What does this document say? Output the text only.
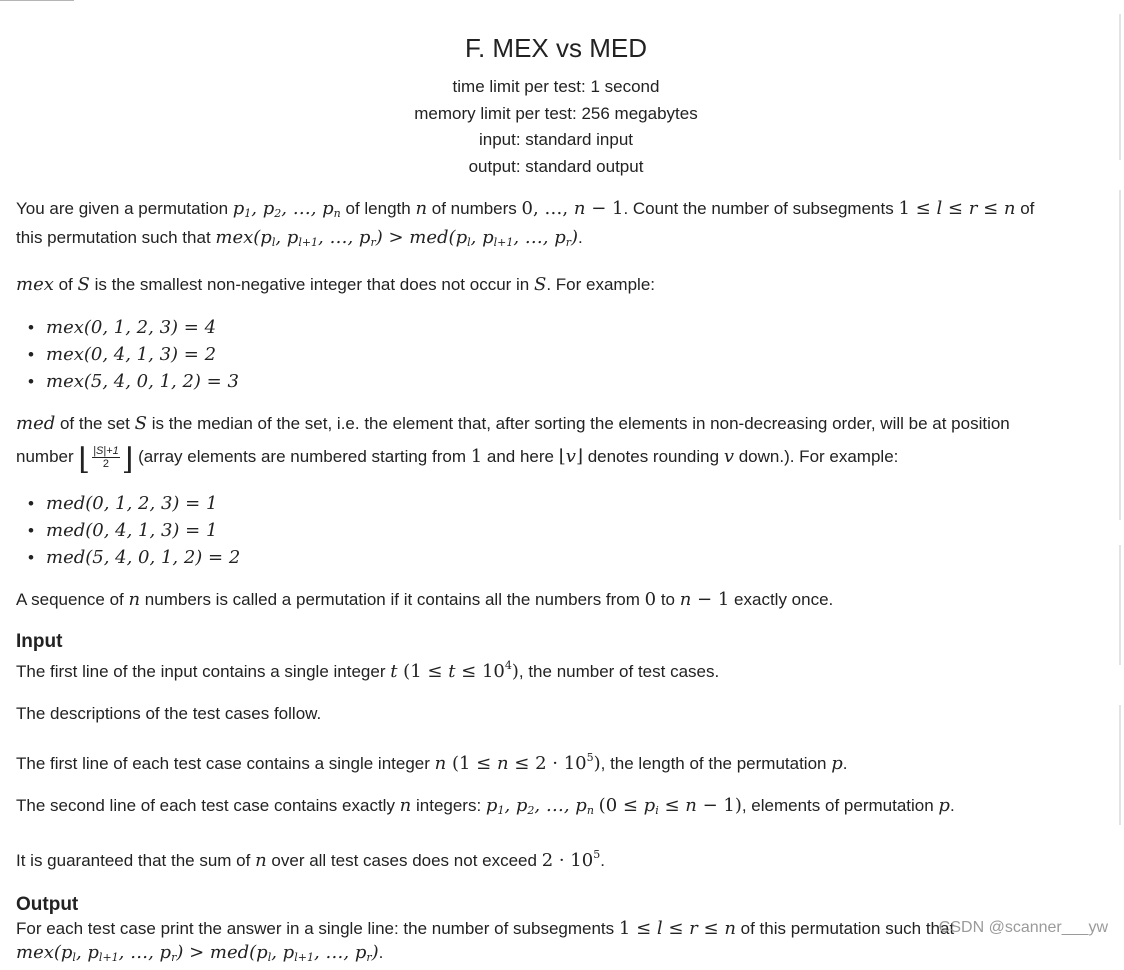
F. MEX vs MED
time limit per test: 1 second
memory limit per test: 256 megabytes
input: standard input
output: standard output

You are given a permutation $p_1$, $p_2$, …, $p_n$ of length n of numbers 0, …, n − 1. Count the number of subsegments 1 ≤ l ≤ r ≤ n of
this permutation such that $mex(p_l$, $p_{l+1}$, …, $p_r) > med(p_l$, $p_{l+1}$, …, $p_r$).

mex of S is the smallest non-negative integer that does not occur in S. For example:

• mex(0, 1, 2, 3) = 4
• mex(0, 4, 1, 3) = 2
• mex(5, 4, 0, 1, 2) = 3

med of the set S is the median of the set, i.e. the element that, after sorting the elements in non-decreasing order, will be at position

number ⌊ $\frac{|S|+1}{2}$ ⌋ (array elements are numbered starting from 1 and here ⌊v⌋ denotes rounding v down.). For example:

• med(0, 1, 2, 3) = 1
• med(0, 4, 1, 3) = 1
• med(5, 4, 0, 1, 2) = 2

A sequence of n numbers is called a permutation if it contains all the numbers from 0 to n − 1 exactly once.

Input

The first line of the input contains a single integer t $(1 \le t \le 10^4)$, the number of test cases.

The descriptions of the test cases follow.

The first line of each test case contains a single integer n $(1 \le n \le 2 \cdot 10^5)$, the length of the permutation p.

The second line of each test case contains exactly n integers: $p_1$, $p_2$, …, $p_n$ $(0 \le p_i \le n - 1)$, elements of permutation p.

It is guaranteed that the sum of n over all test cases does not exceed $2 \cdot 10^5$.

Output

For each test case print the answer in a single line: the number of subsegments 1 ≤ l ≤ r ≤ n of this permutation such that
$mex(p_l$, $p_{l+1}$, …, $p_r) > med(p_l$, $p_{l+1}$, …, $p_r$).

CSDN @scanner___yw
